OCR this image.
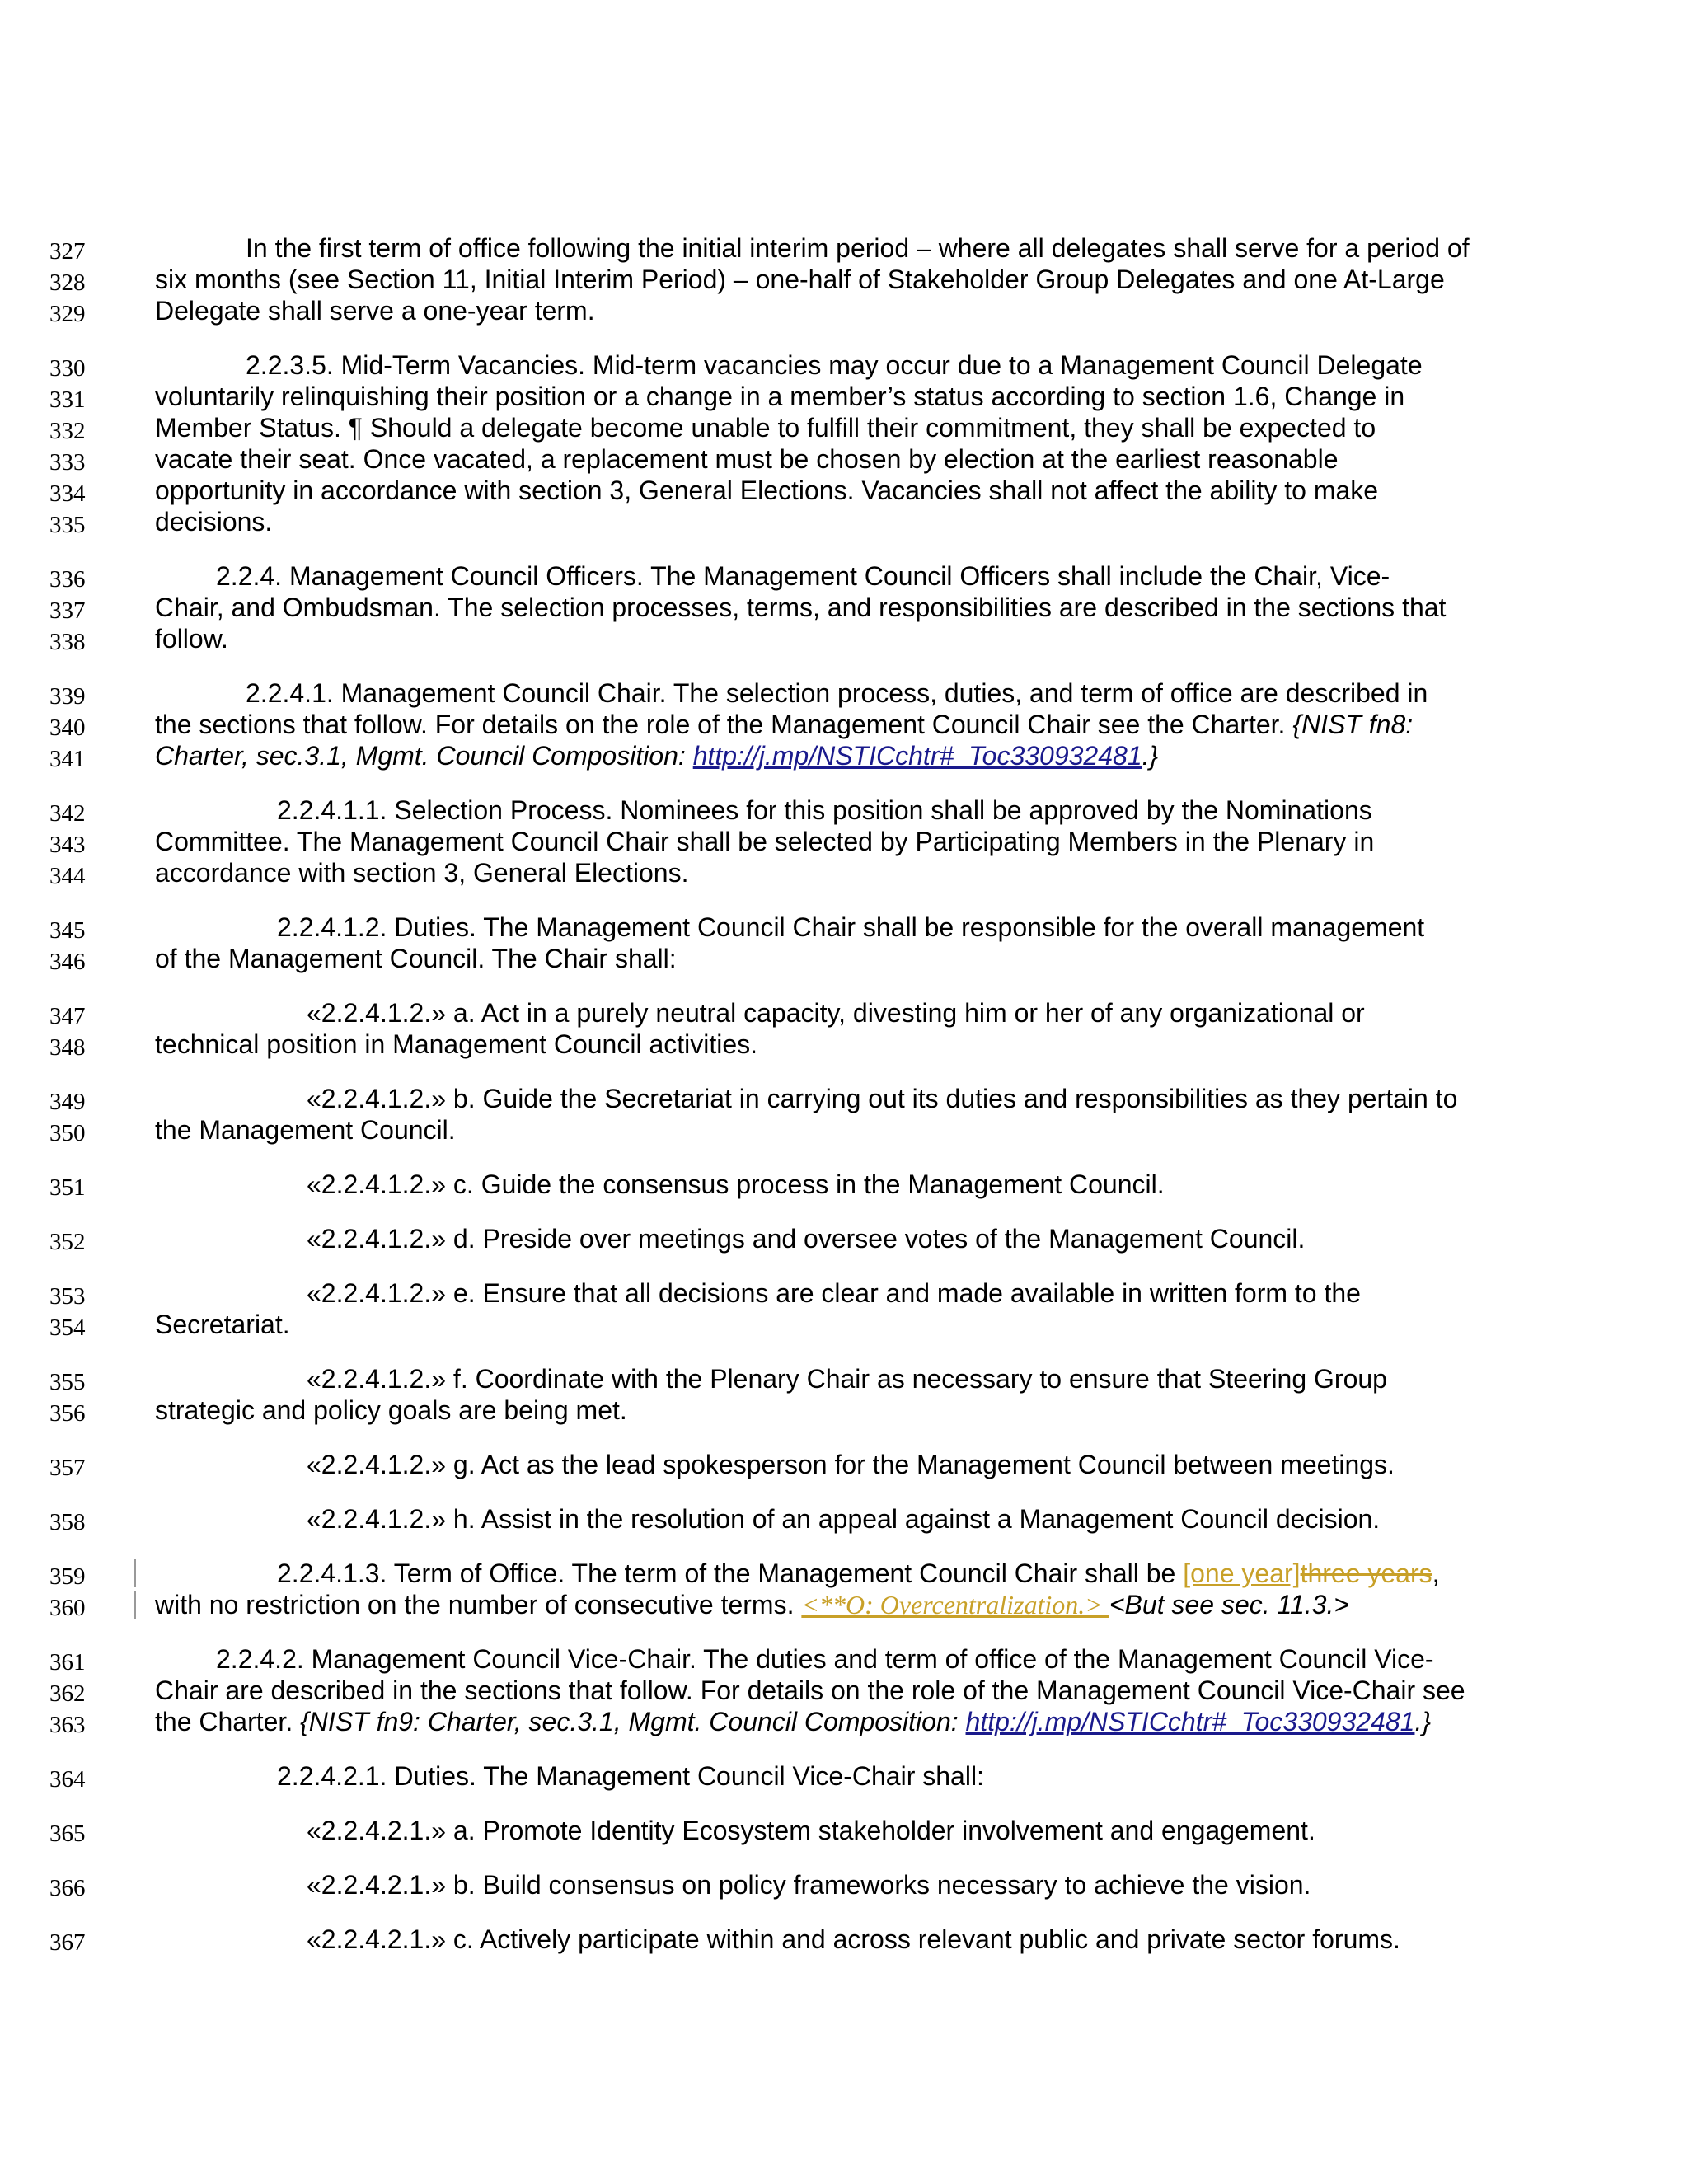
327	In the first term of office following the initial interim period – where all delegates shall serve for a period of
328	six months (see Section 11, Initial Interim Period) – one-half of Stakeholder Group Delegates and one At-Large
329	Delegate shall serve a one-year term.
330	2.2.3.5. Mid-Term Vacancies. Mid-term vacancies may occur due to a Management Council Delegate
331	voluntarily relinquishing their position or a change in a member’s status according to section 1.6, Change in
332	Member Status. ¶ Should a delegate become unable to fulfill their commitment, they shall be expected to
333	vacate their seat. Once vacated, a replacement must be chosen by election at the earliest reasonable
334	opportunity in accordance with section 3, General Elections. Vacancies shall not affect the ability to make
335	decisions.
336	2.2.4. Management Council Officers. The Management Council Officers shall include the Chair, Vice-
337	Chair, and Ombudsman. The selection processes, terms, and responsibilities are described in the sections that
338	follow.
339	2.2.4.1. Management Council Chair. The selection process, duties, and term of office are described in
340	the sections that follow. For details on the role of the Management Council Chair see the Charter. {NIST fn8:
341	Charter, sec.3.1, Mgmt. Council Composition: http://j.mp/NSTICchtr#_Toc330932481.}
342	2.2.4.1.1. Selection Process. Nominees for this position shall be approved by the Nominations
343	Committee. The Management Council Chair shall be selected by Participating Members in the Plenary in
344	accordance with section 3, General Elections.
345	2.2.4.1.2. Duties. The Management Council Chair shall be responsible for the overall management
346	of the Management Council. The Chair shall:
347	«2.2.4.1.2.» a. Act in a purely neutral capacity, divesting him or her of any organizational or
348	technical position in Management Council activities.
349	«2.2.4.1.2.» b. Guide the Secretariat in carrying out its duties and responsibilities as they pertain to
350	the Management Council.
351	«2.2.4.1.2.» c. Guide the consensus process in the Management Council.
352	«2.2.4.1.2.» d. Preside over meetings and oversee votes of the Management Council.
353	«2.2.4.1.2.» e. Ensure that all decisions are clear and made available in written form to the
354	Secretariat.
355	«2.2.4.1.2.» f. Coordinate with the Plenary Chair as necessary to ensure that Steering Group
356	strategic and policy goals are being met.
357	«2.2.4.1.2.» g. Act as the lead spokesperson for the Management Council between meetings.
358	«2.2.4.1.2.» h. Assist in the resolution of an appeal against a Management Council decision.
359	2.2.4.1.3. Term of Office. The term of the Management Council Chair shall be [one year]three years,
360	with no restriction on the number of consecutive terms. <**O: Overcentralization.> <But see sec. 11.3.>
361	2.2.4.2. Management Council Vice-Chair. The duties and term of office of the Management Council Vice-
362	Chair are described in the sections that follow. For details on the role of the Management Council Vice-Chair see
363	the Charter. {NIST fn9: Charter, sec.3.1, Mgmt. Council Composition: http://j.mp/NSTICchtr#_Toc330932481.}
364	2.2.4.2.1. Duties. The Management Council Vice-Chair shall:
365	«2.2.4.2.1.» a. Promote Identity Ecosystem stakeholder involvement and engagement.
366	«2.2.4.2.1.» b. Build consensus on policy frameworks necessary to achieve the vision.
367	«2.2.4.2.1.» c. Actively participate within and across relevant public and private sector forums.
